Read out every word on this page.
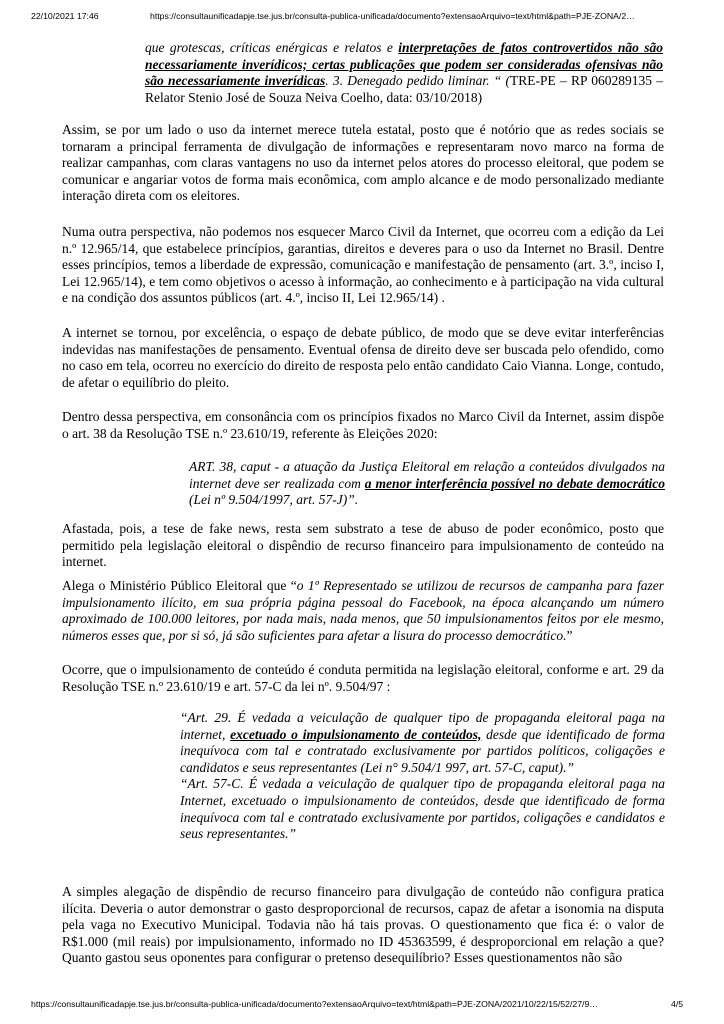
22/10/2021 17:46	https://consultaunificadapje.tse.jus.br/consulta-publica-unificada/documento?extensaoArquivo=text/html&path=PJE-ZONA/2…

que grotescas, críticas enérgicas e relatos e interpretações de fatos controvertidos não são necessariamente inverídicos; certas publicações que podem ser consideradas ofensivas não são necessariamente inverídicas. 3. Denegado pedido liminar. “ (TRE-PE – RP 060289135 – Relator Stenio José de Souza Neiva Coelho, data: 03/10/2018)

Assim, se por um lado o uso da internet merece tutela estatal, posto que é notório que as redes sociais se tornaram a principal ferramenta de divulgação de informações e representaram novo marco na forma de realizar campanhas, com claras vantagens no uso da internet pelos atores do processo eleitoral, que podem se comunicar e angariar votos de forma mais econômica, com amplo alcance e de modo personalizado mediante interação direta com os eleitores.

Numa outra perspectiva, não podemos nos esquecer Marco Civil da Internet, que ocorreu com a edição da Lei n.º 12.965/14, que estabelece princípios, garantias, direitos e deveres para o uso da Internet no Brasil. Dentre esses princípios, temos a liberdade de expressão, comunicação e manifestação de pensamento (art. 3.º, inciso I, Lei 12.965/14), e tem como objetivos o acesso à informação, ao conhecimento e à participação na vida cultural e na condição dos assuntos públicos (art. 4.º, inciso II, Lei 12.965/14) .

A internet se tornou, por excelência, o espaço de debate público, de modo que se deve evitar interferências indevidas nas manifestações de pensamento. Eventual ofensa de direito deve ser buscada pelo ofendido, como no caso em tela, ocorreu no exercício do direito de resposta pelo então candidato Caio Vianna. Longe, contudo, de afetar o equilíbrio do pleito.

Dentro dessa perspectiva, em consonância com os princípios fixados no Marco Civil da Internet, assim dispõe o art. 38 da Resolução TSE n.º 23.610/19, referente às Eleições 2020:

ART. 38, caput - a atuação da Justiça Eleitoral em relação a conteúdos divulgados na internet deve ser realizada com a menor interferência possível no debate democrático (Lei nº 9.504/1997, art. 57-J)”.

Afastada, pois, a tese de fake news, resta sem substrato a tese de abuso de poder econômico, posto que permitido pela legislação eleitoral o dispêndio de recurso financeiro para impulsionamento de conteúdo na internet.

Alega o Ministério Público Eleitoral que “o 1º Representado se utilizou de recursos de campanha para fazer impulsionamento ilícito, em sua própria página pessoal do Facebook, na época alcançando um número aproximado de 100.000 leitores, por nada mais, nada menos, que 50 impulsionamentos feitos por ele mesmo, números esses que, por si só, já são suficientes para afetar a lisura do processo democrático.”

Ocorre, que o impulsionamento de conteúdo é conduta permitida na legislação eleitoral, conforme e art. 29 da Resolução TSE n.º 23.610/19 e art. 57-C da lei nº. 9.504/97 :

“Art. 29. É vedada a veiculação de qualquer tipo de propaganda eleitoral paga na internet, excetuado o impulsionamento de conteúdos, desde que identificado de forma inequívoca com tal e contratado exclusivamente por partidos políticos, coligações e candidatos e seus representantes (Lei n° 9.504/1 997, art. 57-C, caput).”

“Art. 57-C. É vedada a veiculação de qualquer tipo de propaganda eleitoral paga na Internet, excetuado o impulsionamento de conteúdos, desde que identificado de forma inequívoca com tal e contratado exclusivamente por partidos, coligações e candidatos e seus representantes.”

A simples alegação de dispêndio de recurso financeiro para divulgação de conteúdo não configura pratica ilícita. Deveria o autor demonstrar o gasto desproporcional de recursos, capaz de afetar a isonomia na disputa pela vaga no Executivo Municipal. Todavia não há tais provas. O questionamento que fica é: o valor de R$1.000 (mil reais) por impulsionamento, informado no ID 45363599, é desproporcional em relação a que? Quanto gastou seus oponentes para configurar o pretenso desequilíbrio? Esses questionamentos não são

https://consultaunificadapje.tse.jus.br/consulta-publica-unificada/documento?extensaoArquivo=text/html&path=PJE-ZONA/2021/10/22/15/52/27/9…	4/5
